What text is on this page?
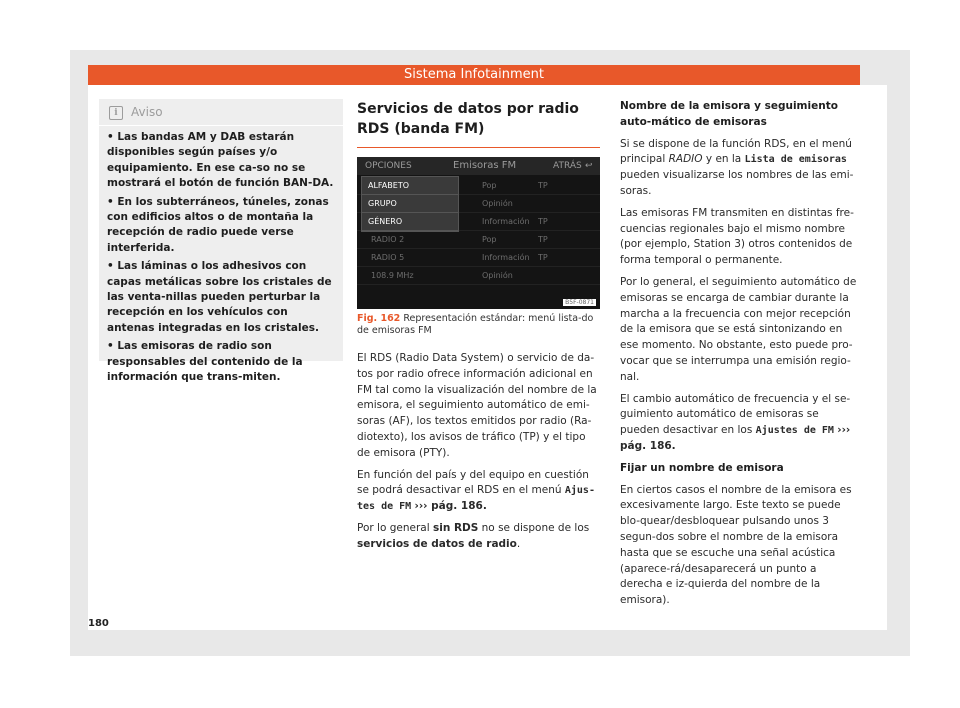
Sistema Infotainment
i Aviso

• Las bandas AM y DAB estarán disponibles según países y/o equipamiento. En ese ca-so no se mostrará el botón de función BAN-DA.

• En los subterráneos, túneles, zonas con edificios altos o de montaña la recepción de radio puede verse interferida.

• Las láminas o los adhesivos con capas metálicas sobre los cristales de las venta-nillas pueden perturbar la recepción en los vehículos con antenas integradas en los cristales.

• Las emisoras de radio son responsables del contenido de la información que trans-miten.

Servicios de datos por radio RDS (banda FM)
OPCIONES	Emisoras FM	ATRÁS ↩
Pop	TP
Opinión
Información TP
RADIO 2	Pop	TP
RADIO 5	Información TP
108.9 MHz	Opinión
ALFABETO
GRUPO
GÉNERO
B5F-0871
Fig. 162 Representación estándar: menú lista-do de emisoras FM

El RDS (Radio Data System) o servicio de da-tos por radio ofrece información adicional en FM tal como la visualización del nombre de la emisora, el seguimiento automático de emi-soras (AF), los textos emitidos por radio (Ra-diotexto), los avisos de tráfico (TP) y el tipo de emisora (PTY).

En función del país y del equipo en cuestión se podrá desactivar el RDS en el menú Ajus-tes de FM ››› pág. 186.

Por lo general sin RDS no se dispone de los servicios de datos de radio.

Nombre de la emisora y seguimiento auto-mático de emisoras

Si se dispone de la función RDS, en el menú principal RADIO y en la Lista de emisoras pueden visualizarse los nombres de las emi-soras.

Las emisoras FM transmiten en distintas fre-cuencias regionales bajo el mismo nombre (por ejemplo, Station 3) otros contenidos de forma temporal o permanente.

Por lo general, el seguimiento automático de emisoras se encarga de cambiar durante la marcha a la frecuencia con mejor recepción de la emisora que se está sintonizando en ese momento. No obstante, esto puede pro-vocar que se interrumpa una emisión regio-nal.

El cambio automático de frecuencia y el se-guimiento automático de emisoras se pueden desactivar en los Ajustes de FM ››› pág. 186.

Fijar un nombre de emisora

En ciertos casos el nombre de la emisora es excesivamente largo. Este texto se puede blo-quear/desbloquear pulsando unos 3 segun-dos sobre el nombre de la emisora hasta que se escuche una señal acústica (aparece-rá/desaparecerá un punto a derecha e iz-quierda del nombre de la emisora).

180
